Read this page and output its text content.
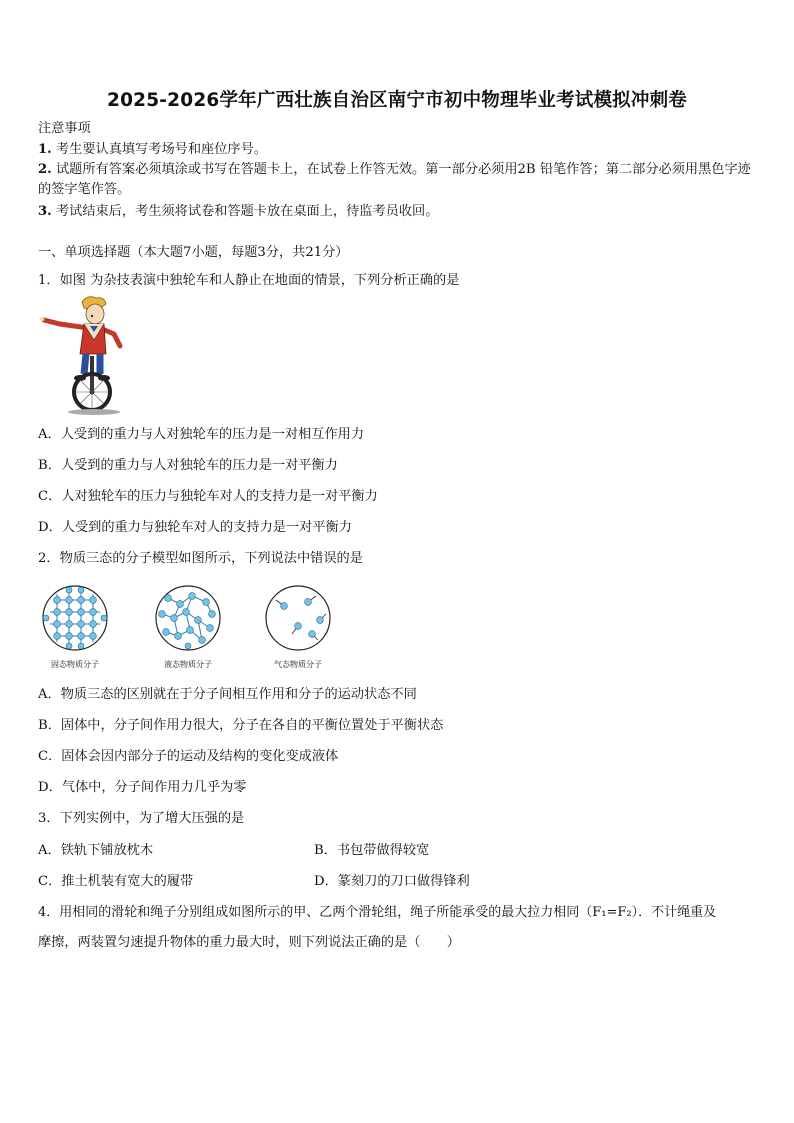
2025-2026学年广西壮族自治区南宁市初中物理毕业考试模拟冲刺卷
注意事项
1. 考生要认真填写考场号和座位序号。
2. 试题所有答案必须填涂或书写在答题卡上，在试卷上作答无效。第一部分必须用2B 铅笔作答；第二部分必须用黑色字迹的签字笔作答。
3. 考试结束后，考生须将试卷和答题卡放在桌面上，待监考员收回。
一、单项选择题（本大题7小题，每题3分，共21分）
1．如图 为杂技表演中独轮车和人静止在地面的情景，下列分析正确的是
A．人受到的重力与人对独轮车的压力是一对相互作用力
B．人受到的重力与人对独轮车的压力是一对平衡力
C．人对独轮车的压力与独轮车对人的支持力是一对平衡力
D．人受到的重力与独轮车对人的支持力是一对平衡力
2．物质三态的分子模型如图所示，下列说法中错误的是
固态物质分子	液态物质分子	气态物质分子
A．物质三态的区别就在于分子间相互作用和分子的运动状态不同
B．固体中，分子间作用力很大，分子在各自的平衡位置处于平衡状态
C．固体会因内部分子的运动及结构的变化变成液体
D．气体中，分子间作用力几乎为零
3．下列实例中，为了增大压强的是
A．铁轨下铺放枕木	B．书包带做得较宽
C．推土机装有宽大的履带	D．篆刻刀的刀口做得锋利
4．用相同的滑轮和绳子分别组成如图所示的甲、乙两个滑轮组，绳子所能承受的最大拉力相同（F₁=F₂）．不计绳重及
摩擦，两装置匀速提升物体的重力最大时，则下列说法正确的是（　　）
